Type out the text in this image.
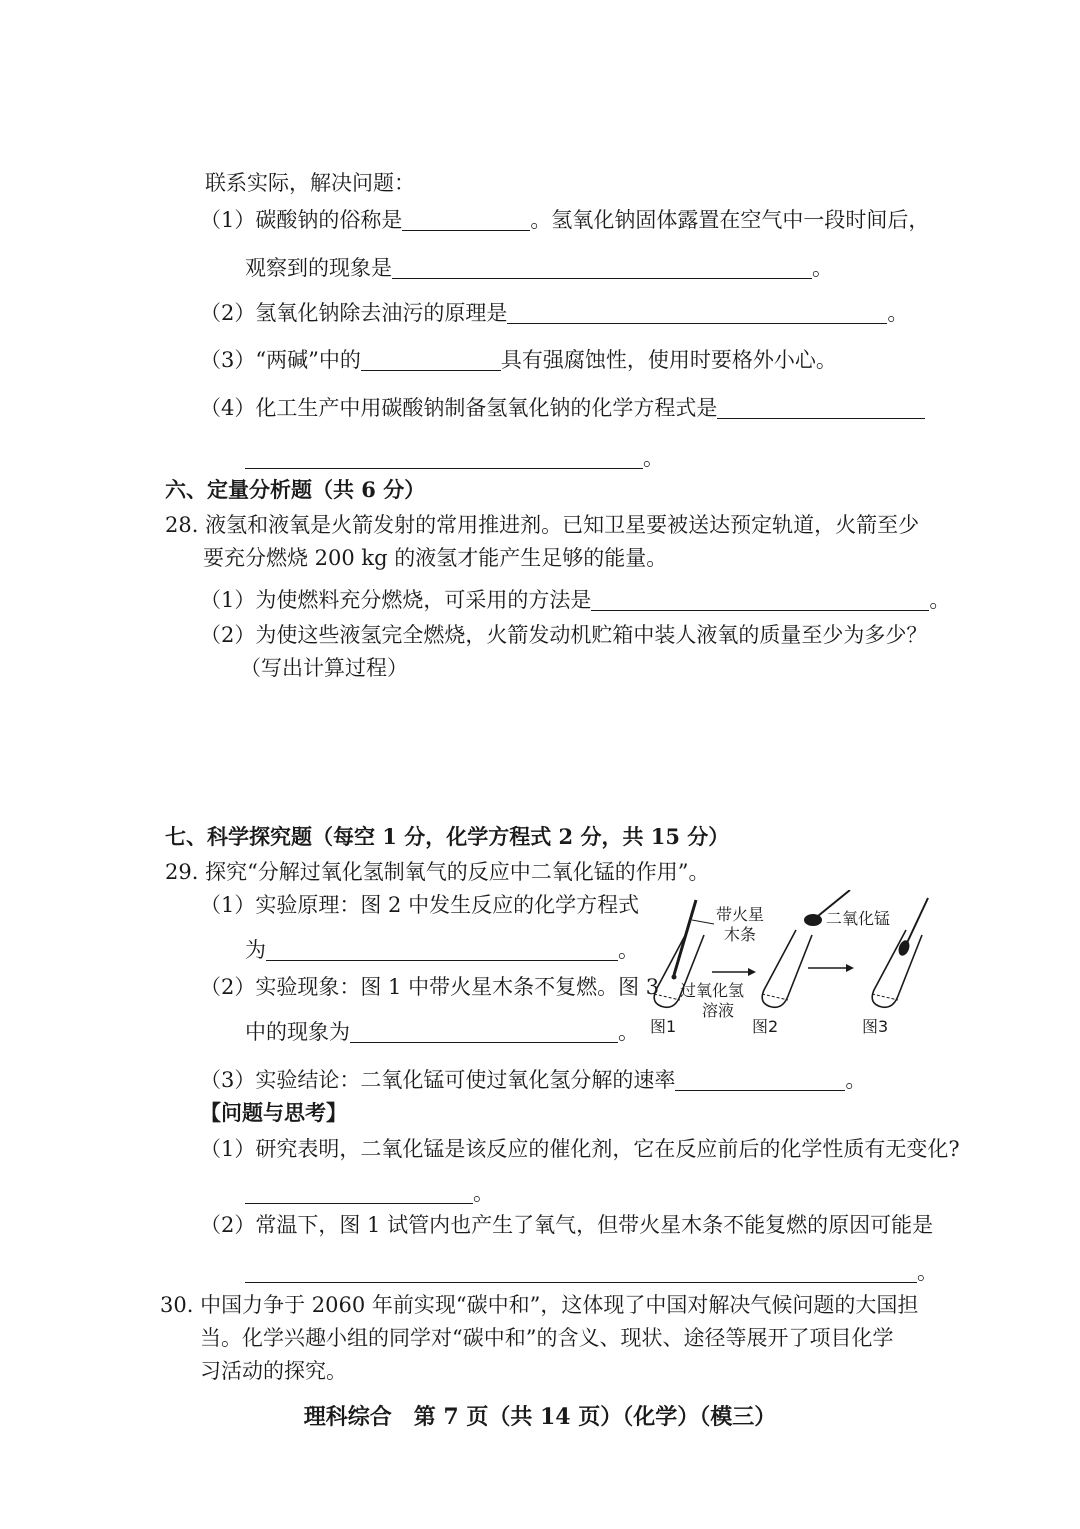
联系实际，解决问题：
（1）碳酸钠的俗称是	。氢氧化钠固体露置在空气中一段时间后，
观察到的现象是	。
（2）氢氧化钠除去油污的原理是	。
（3）“两碱”中的	具有强腐蚀性，使用时要格外小心。
（4）化工生产中用碳酸钠制备氢氧化钠的化学方程式是
。
六、定量分析题（共 6 分）
28. 液氢和液氧是火箭发射的常用推进剂。已知卫星要被送达预定轨道，火箭至少
要充分燃烧 200 kg 的液氢才能产生足够的能量。
（1）为使燃料充分燃烧，可采用的方法是	。
（2）为使这些液氢完全燃烧，火箭发动机贮箱中装人液氧的质量至少为多少？
（写出计算过程）
七、科学探究题（每空 1 分，化学方程式 2 分，共 15 分）
29. 探究“分解过氧化氢制氧气的反应中二氧化锰的作用”。
（1）实验原理：图 2 中发生反应的化学方程式
为	。
（2）实验现象：图 1 中带火星木条不复燃。图 3
中的现象为	。
（3）实验结论：二氧化锰可使过氧化氢分解的速率	。
【问题与思考】
（1）研究表明，二氧化锰是该反应的催化剂，它在反应前后的化学性质有无变化?
。
（2）常温下，图 1 试管内也产生了氧气，但带火星木条不能复燃的原因可能是
。
30. 中国力争于 2060 年前实现“碳中和”，这体现了中国对解决气候问题的大国担
当。化学兴趣小组的同学对“碳中和”的含义、现状、途径等展开了项目化学
习活动的探究。
带火星
木条
二氧化锰
过氧化氢
溶液
图1	图2	图3
理科综合　第 7 页（共 14 页）（化学）（模三）
